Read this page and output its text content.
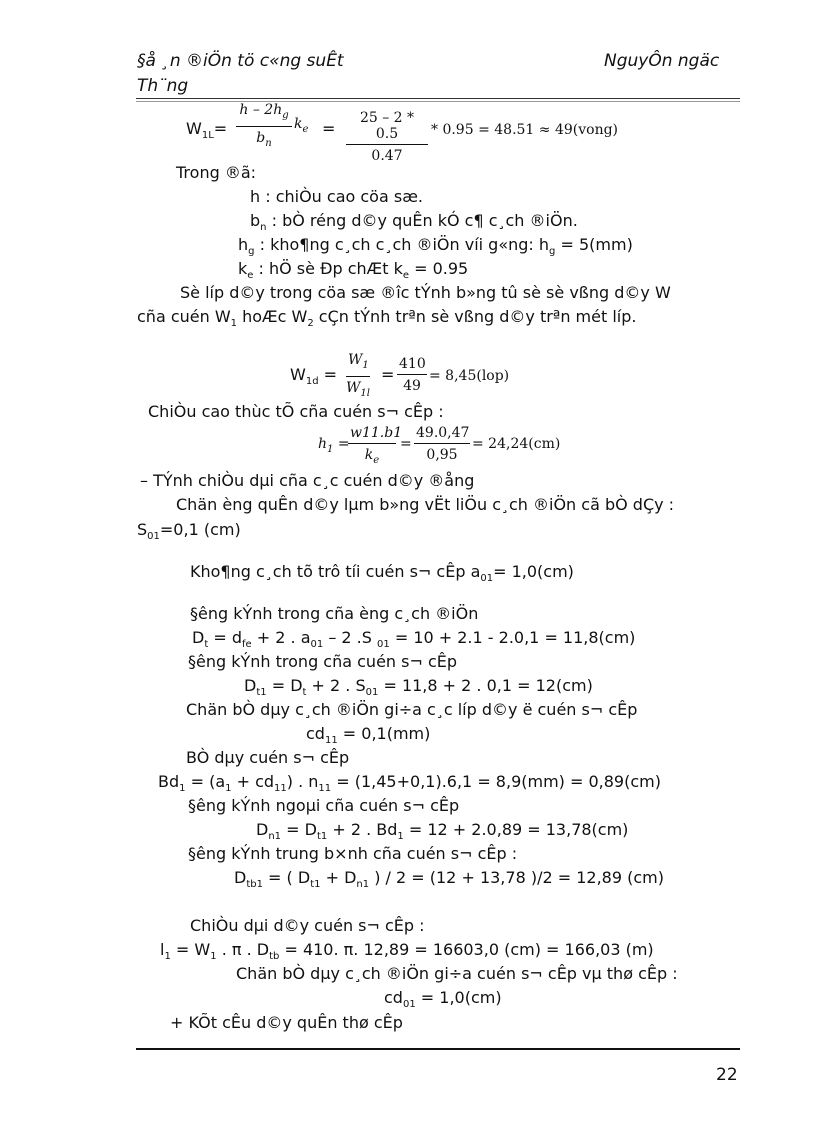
§å ¸n ®iÖn tö c«ng suÊt
Th¨ng
NguyÔn ngäc
$W_{1L}= \frac{h - 2h_g}{b_n} k_e = \frac{25 - 2 * 0.5}{0.47} * 0.95 = 48.51$ ≈ 49(vong)
Trong ®ã:
h : chiÒu cao cöa sæ.
$b_n$ : bÒ réng d©y quÊn kÓ c¶ c¸ch ®iÖn.
$h_g$ : kho¶ng c¸ch c¸ch ®iÖn víi g«ng: $h_g = 5(mm)$
$k_e$ : hÖ sè Ðp chÆt $k_e = 0.95$
Sè líp d©y trong cöa sæ ®îc tÝnh b»ng tû sè sè vßng d©y W
cña cuén $W_1$ hoÆc $W_2$ cÇn tÝnh trªn sè vßng d©y trªn mét líp.
$W_{1d} = \frac{W_1}{W_{1l}} = \frac{410}{49} = 8,45(lop)$
ChiÒu cao thùc tÕ cña cuén s¬ cÊp :
$h_1$ =
$\frac{w11.b1}{k_e} = \frac{49.0,47}{0,95} = 24,24(cm)$
– TÝnh chiÒu dµi cña c¸c cuén d©y ®ång
Chän èng quÊn d©y lµm b»ng vËt liÖu c¸ch ®iÖn cã bÒ dÇy :
$S_{01}=0,1$ (cm)
Kho¶ng c¸ch tõ trô tíi cuén s¬ cÊp $a_{01}= 1,0(cm)$
§êng kÝnh trong cña èng c¸ch ®iÖn
$D_t = d_{fe} + 2$ . $a_{01} - 2$ .S $_{01}$ = 10 + 2.1 - 2.0,1 = 11,8(cm)
§êng kÝnh trong cña cuén s¬ cÊp
$D_{t1} = D_t + 2$ . $S_{01} = 11,8 + 2$ . 0,1 = 12(cm)
Chän bÒ dµy c¸ch ®iÖn gi÷a c¸c líp d©y ë cuén s¬ cÊp
$cd_{11} = 0,1(mm)$
BÒ dµy cuén s¬ cÊp
$Bd_1 = (a_1 + cd_{11})$ . $n_{11} = (1,45+0,1).6,1 = 8,9(mm) = 0,89(cm)$
§êng kÝnh ngoµi cña cuén s¬ cÊp
$D_{n1} = D_{t1} + 2$ . $Bd_1 = 12 + 2.0,89 = 13,78(cm)$
§êng kÝnh trung b×nh cña cuén s¬ cÊp :
$D_{tb1}$ = ( $D_{t1} + D_{n1}$ ) / 2 = (12 + 13,78 )/2 = 12,89 (cm)
ChiÒu dµi d©y cuén s¬ cÊp :
$l_1 = W_1$ . π . $D_{tb} = 410$. π. 12,89 = 16603,0 (cm) = 166,03 (m)
Chän bÒ dµy c¸ch ®iÖn gi÷a cuén s¬ cÊp vµ thø cÊp :
$cd_{01} = 1,0(cm)$
+ KÕt cÊu d©y quÊn thø cÊp
22
